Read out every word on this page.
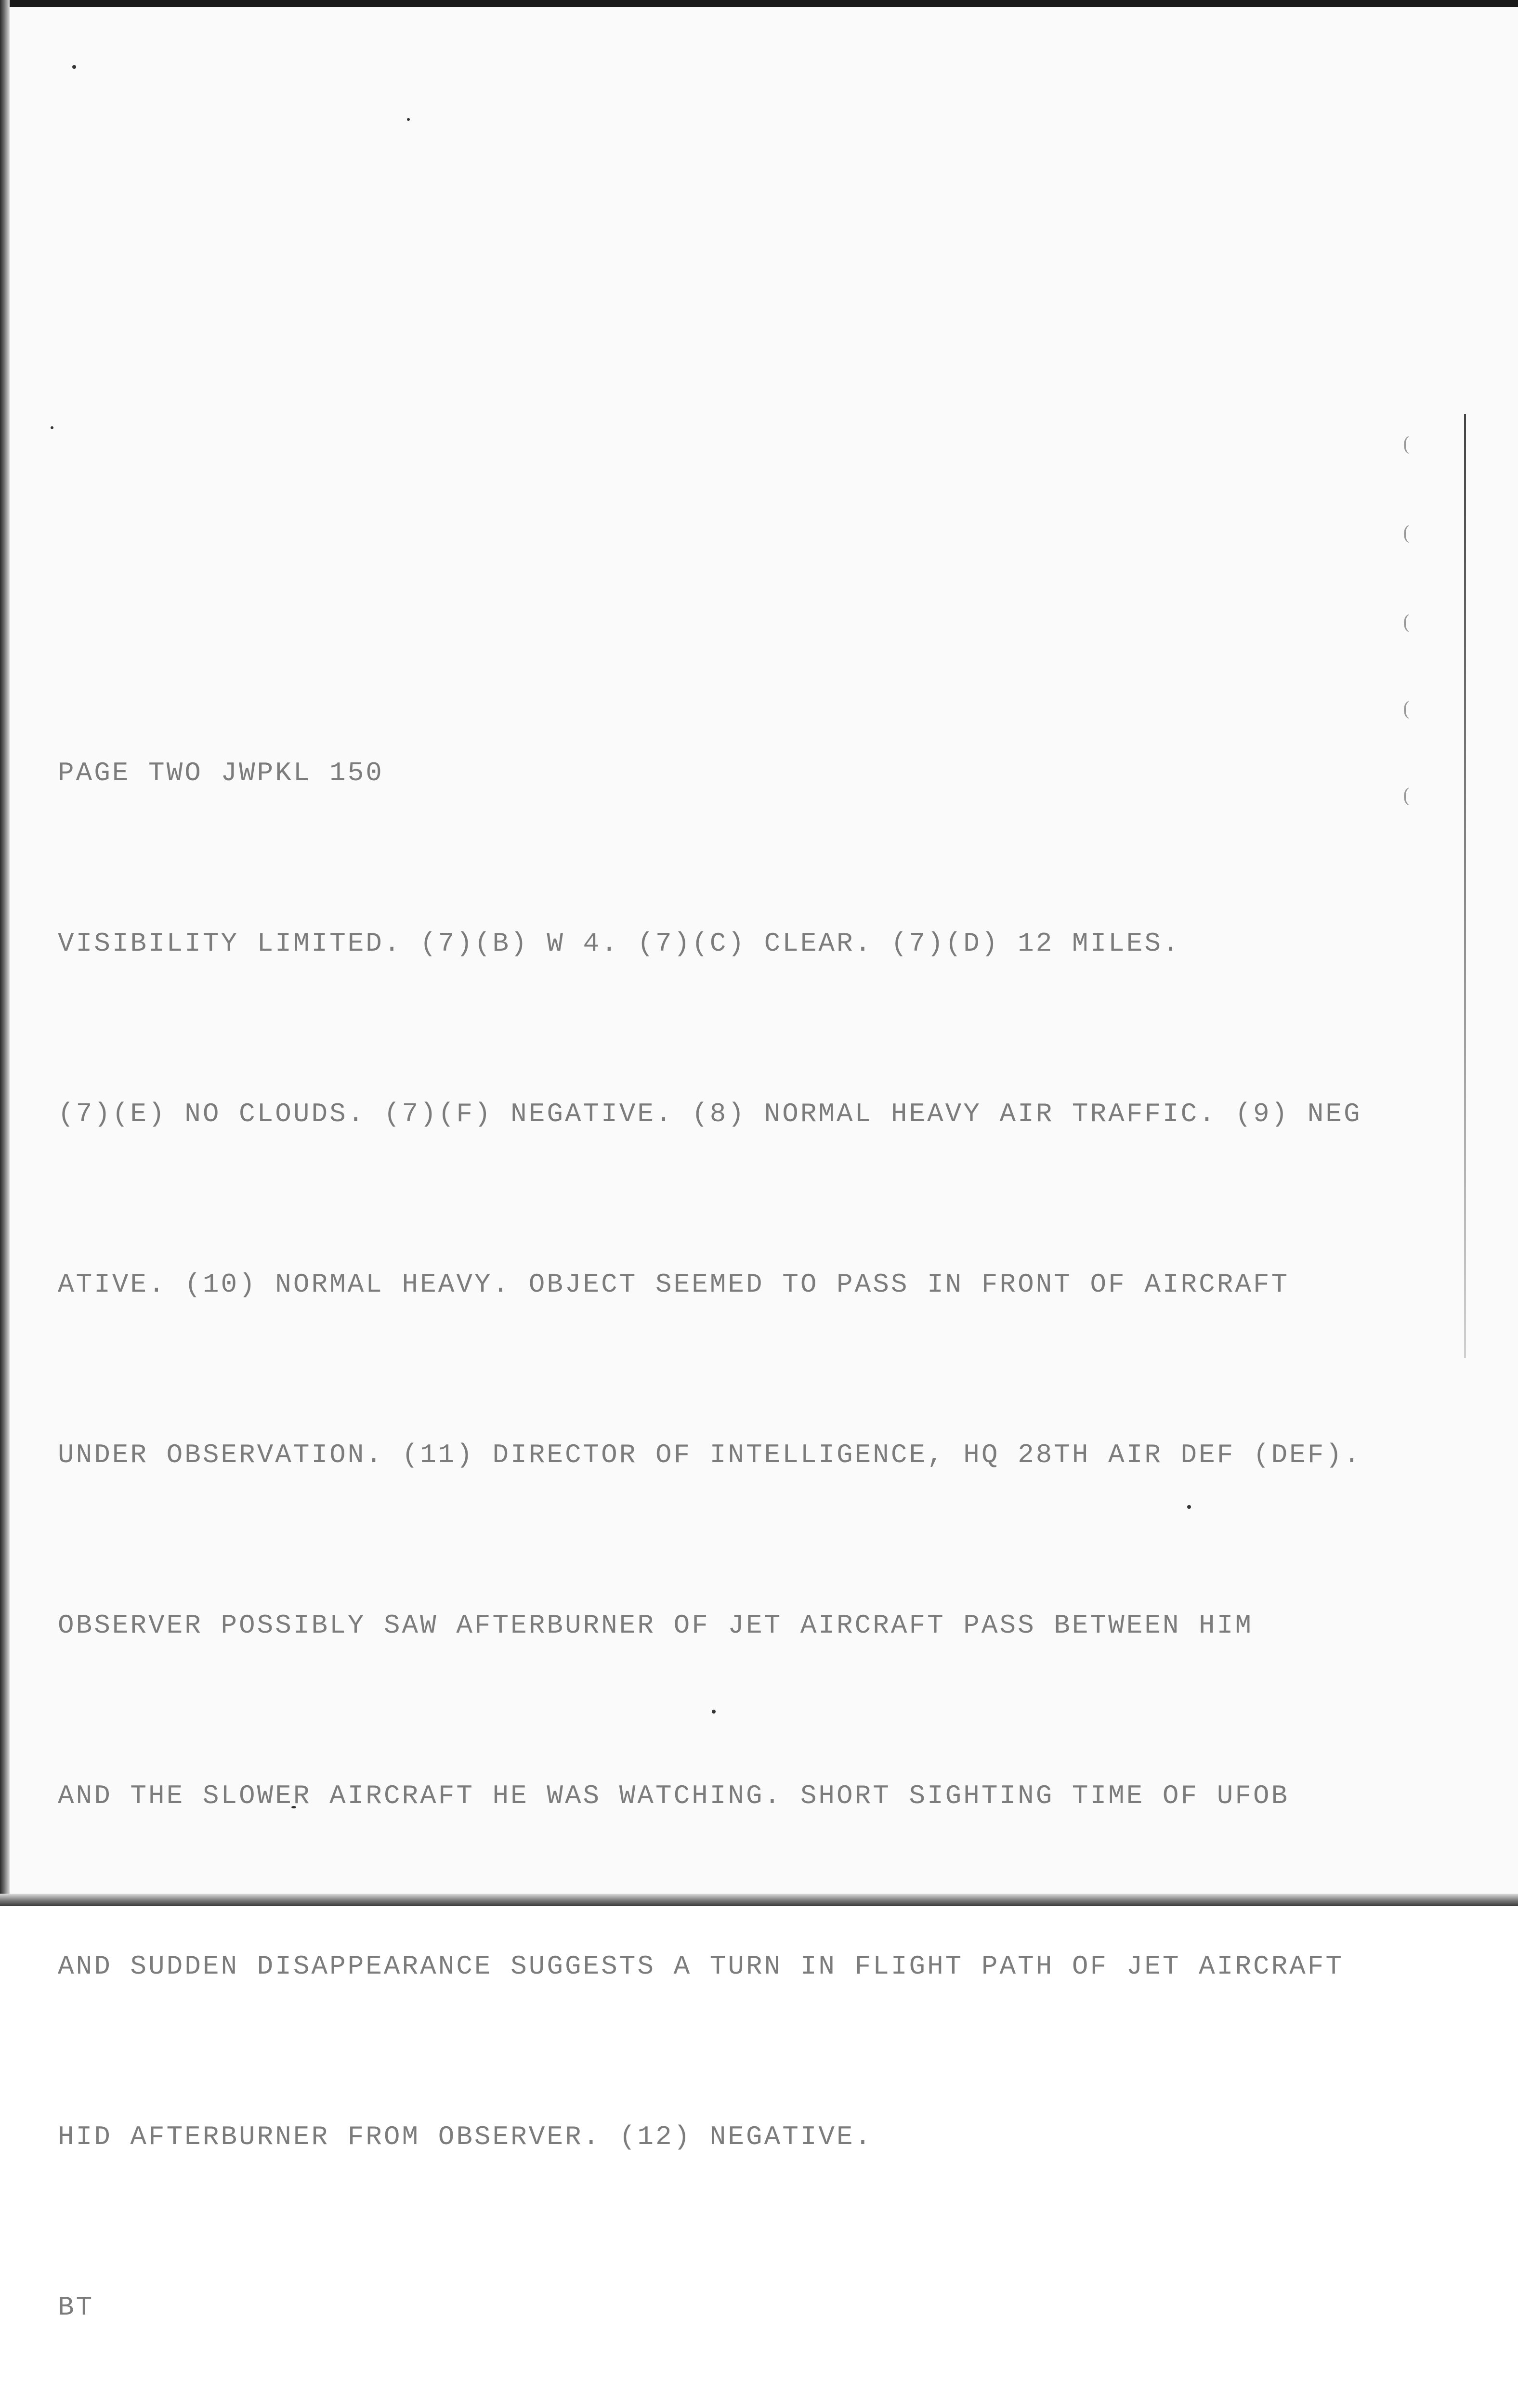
(
(
(
(
(

PAGE TWO JWPKL 150

VISIBILITY LIMITED. (7)(B) W 4. (7)(C) CLEAR. (7)(D) 12 MILES.

(7)(E) NO CLOUDS. (7)(F) NEGATIVE. (8) NORMAL HEAVY AIR TRAFFIC. (9) NEG

ATIVE. (10) NORMAL HEAVY. OBJECT SEEMED TO PASS IN FRONT OF AIRCRAFT

UNDER OBSERVATION. (11) DIRECTOR OF INTELLIGENCE, HQ 28TH AIR DEF (DEF).

OBSERVER POSSIBLY SAW AFTERBURNER OF JET AIRCRAFT PASS BETWEEN HIM

AND THE SLOWER AIRCRAFT HE WAS WATCHING. SHORT SIGHTING TIME OF UFOB

AND SUDDEN DISAPPEARANCE SUGGESTS A TURN IN FLIGHT PATH OF JET AIRCRAFT

HID AFTERBURNER FROM OBSERVER. (12) NEGATIVE.

BT
